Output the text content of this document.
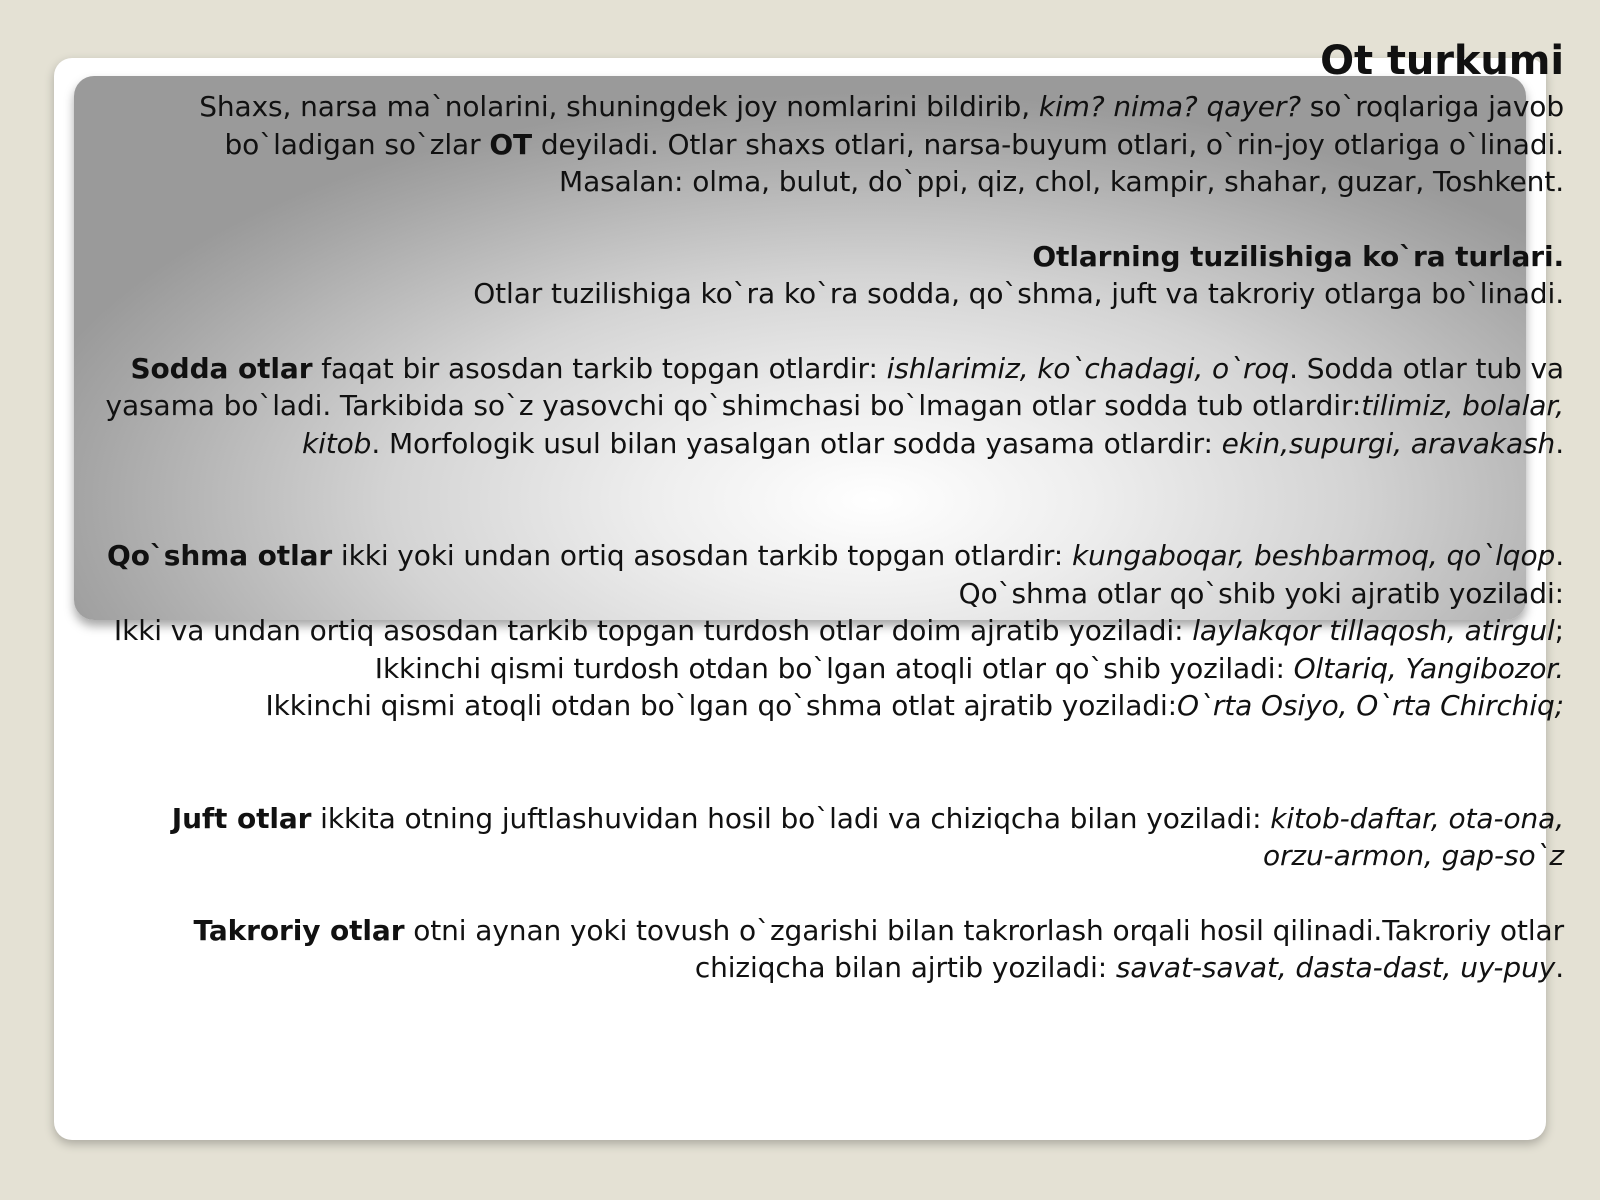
Ot turkumi

Shaxs, narsa ma`nolarini, shuningdek joy nomlarini bildirib, kim? nima? qayer? so`roqlariga javob bo`ladigan so`zlar OT deyiladi. Otlar shaxs otlari, narsa-buyum otlari, o`rin-joy otlariga o`linadi.

Masalan: olma, bulut, do`ppi, qiz, chol, kampir, shahar, guzar, Toshkent.

Otlarning tuzilishiga ko`ra turlari.

Otlar tuzilishiga ko`ra ko`ra sodda, qo`shma, juft va takroriy otlarga bo`linadi.

Sodda otlar faqat bir asosdan tarkib topgan otlardir: ishlarimiz, ko`chadagi, o`roq. Sodda otlar tub va yasama bo`ladi. Tarkibida so`z yasovchi qo`shimchasi bo`lmagan otlar sodda tub otlardir:tilimiz, bolalar, kitob. Morfologik usul bilan yasalgan otlar sodda yasama otlardir: ekin,supurgi, aravakash.

Qo`shma otlar ikki yoki undan ortiq asosdan tarkib topgan otlardir: kungaboqar, beshbarmoq, qo`lqop. Qo`shma otlar qo`shib yoki ajratib yoziladi:

Ikki va undan ortiq asosdan tarkib topgan turdosh otlar doim ajratib yoziladi: laylakqor tillaqosh, atirgul;

Ikkinchi qismi turdosh otdan bo`lgan atoqli otlar qo`shib yoziladi: Oltariq, Yangibozor.

Ikkinchi qismi atoqli otdan bo`lgan qo`shma otlat ajratib yoziladi:O`rta Osiyo, O`rta Chirchiq;

Juft otlar ikkita otning juftlashuvidan hosil bo`ladi va chiziqcha bilan yoziladi: kitob-daftar, ota-ona, orzu-armon, gap-so`z

Takroriy otlar otni aynan yoki tovush o`zgarishi bilan takrorlash orqali hosil qilinadi.Takroriy otlar chiziqcha bilan ajrtib yoziladi: savat-savat, dasta-dast, uy-puy.
